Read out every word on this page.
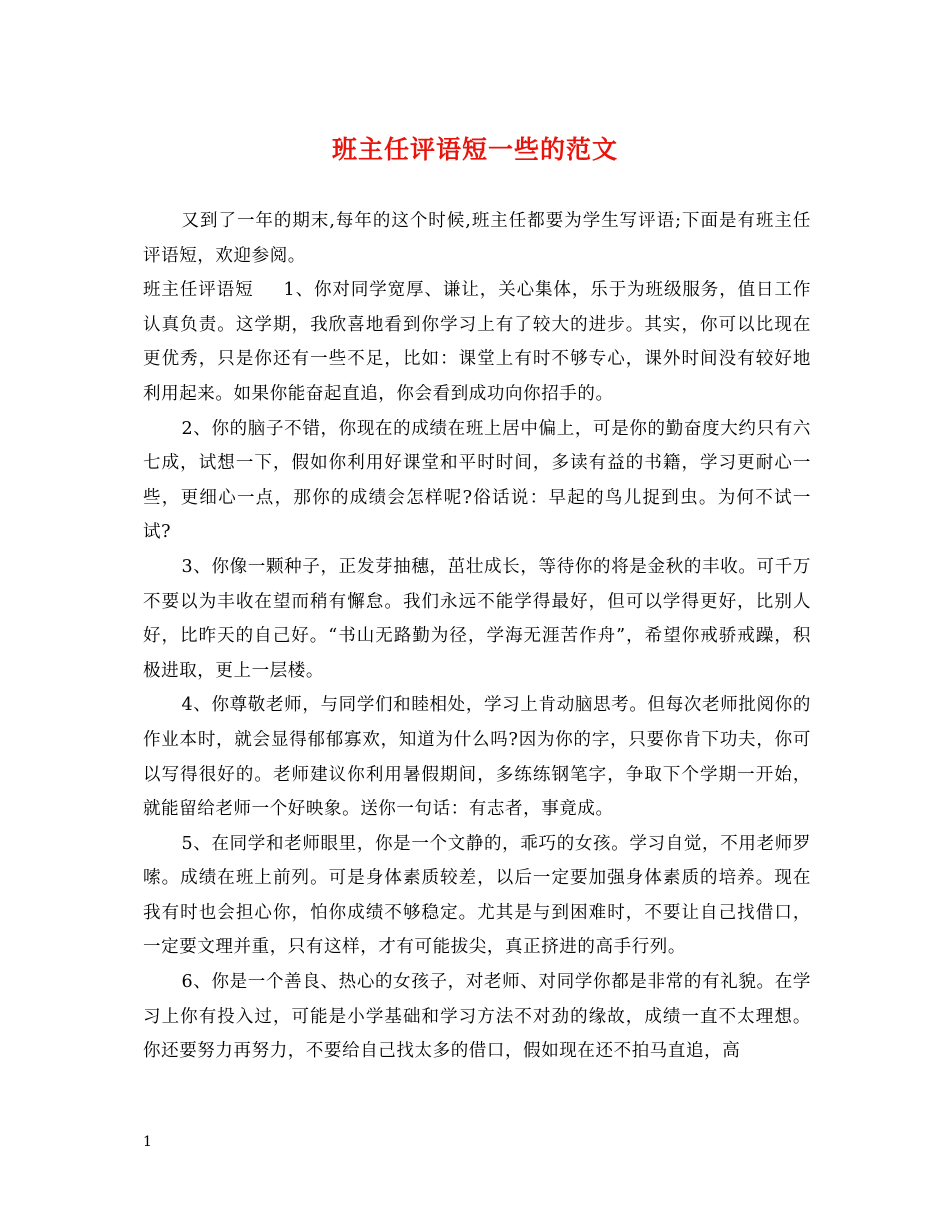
班主任评语短一些的范文

又到了一年的期末,每年的这个时候,班主任都要为学生写评语;下面是有班主任评语短，欢迎参阅。

班主任评语短 1、你对同学宽厚、谦让，关心集体，乐于为班级服务，值日工作认真负责。这学期，我欣喜地看到你学习上有了较大的进步。其实，你可以比现在更优秀，只是你还有一些不足，比如：课堂上有时不够专心，课外时间没有较好地利用起来。如果你能奋起直追，你会看到成功向你招手的。

2、你的脑子不错，你现在的成绩在班上居中偏上，可是你的勤奋度大约只有六七成，试想一下，假如你利用好课堂和平时时间，多读有益的书籍，学习更耐心一些，更细心一点，那你的成绩会怎样呢?俗话说：早起的鸟儿捉到虫。为何不试一试?

3、你像一颗种子，正发芽抽穗，茁壮成长，等待你的将是金秋的丰收。可千万不要以为丰收在望而稍有懈怠。我们永远不能学得最好，但可以学得更好，比别人好，比昨天的自己好。“书山无路勤为径，学海无涯苦作舟”，希望你戒骄戒躁，积极进取，更上一层楼。

4、你尊敬老师，与同学们和睦相处，学习上肯动脑思考。但每次老师批阅你的作业本时，就会显得郁郁寡欢，知道为什么吗?因为你的字，只要你肯下功夫，你可以写得很好的。老师建议你利用暑假期间，多练练钢笔字，争取下个学期一开始，就能留给老师一个好映象。送你一句话：有志者，事竟成。

5、在同学和老师眼里，你是一个文静的，乖巧的女孩。学习自觉，不用老师罗嗦。成绩在班上前列。可是身体素质较差，以后一定要加强身体素质的培养。现在我有时也会担心你，怕你成绩不够稳定。尤其是与到困难时，不要让自己找借口，一定要文理并重，只有这样，才有可能拔尖，真正挤进的高手行列。

6、你是一个善良、热心的女孩子，对老师、对同学你都是非常的有礼貌。在学习上你有投入过，可能是小学基础和学习方法不对劲的缘故，成绩一直不太理想。你还要努力再努力，不要给自己找太多的借口，假如现在还不拍马直追，高

1
